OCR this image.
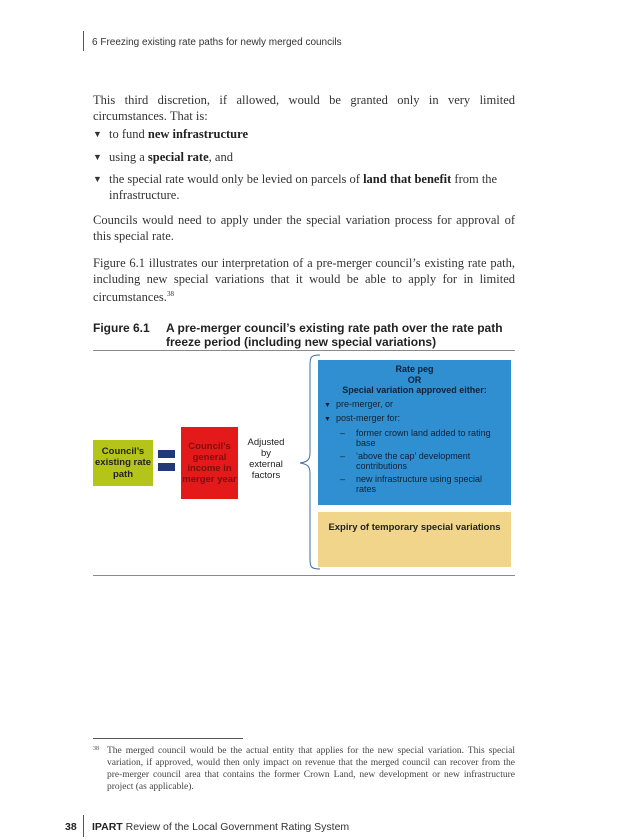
6 Freezing existing rate paths for newly merged councils
This third discretion, if allowed, would be granted only in very limited circumstances. That is:
▼ to fund new infrastructure
▼ using a special rate, and
▼ the special rate would only be levied on parcels of land that benefit from the infrastructure.
Councils would need to apply under the special variation process for approval of this special rate.
Figure 6.1 illustrates our interpretation of a pre-merger council’s existing rate path, including new special variations that it would be able to apply for in limited circumstances.$^{38}$
Figure 6.1 A pre-merger council’s existing rate path over the rate path freeze period (including new special variations)
Council’s existing rate path
Council’s general income in merger year
Adjusted by external factors
Rate peg
OR
Special variation approved either:
▼ pre-merger, or
▼ post-merger for:
– former crown land added to rating base
– ‘above the cap’ development contributions
– new infrastructure using special rates
Expiry of temporary special variations
38 The merged council would be the actual entity that applies for the new special variation. This special variation, if approved, would then only impact on revenue that the merged council can recover from the pre-merger council area that contains the former Crown Land, new development or new infrastructure project (as applicable).
38 IPART Review of the Local Government Rating System
